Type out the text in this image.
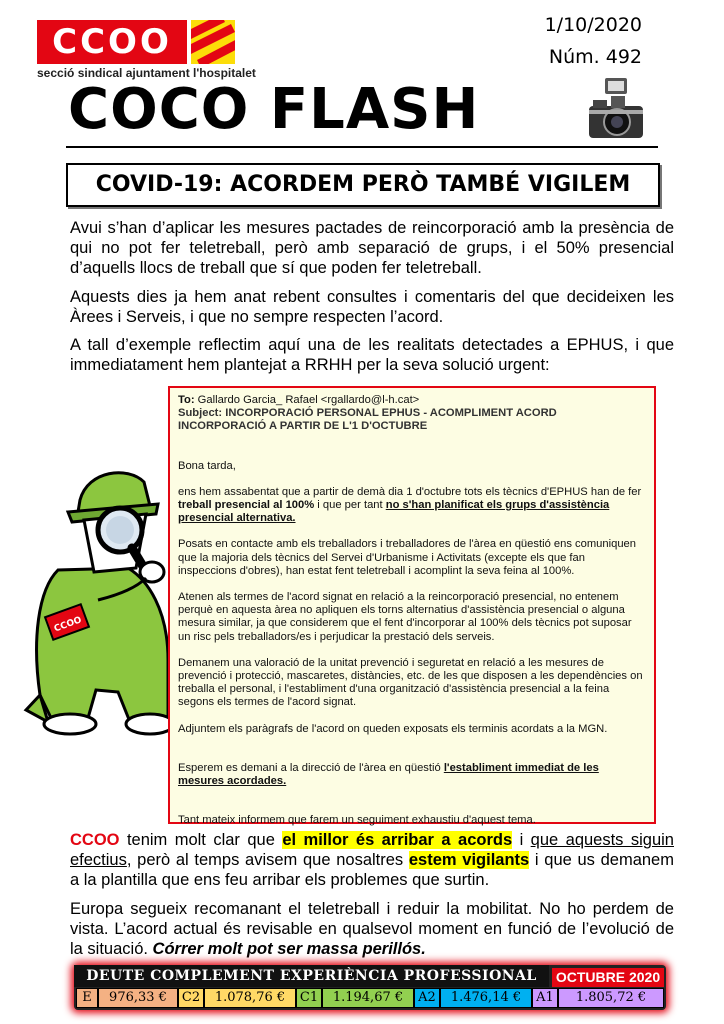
CCOO
secció sindical ajuntament l'hospitalet
1/10/2020
Núm. 492
COCO FLASH
COVID-19: ACORDEM PERÒ TAMBÉ VIGILEM
Avui s’han d’aplicar les mesures pactades de reincorporació amb la presència de qui no pot fer teletreball, però amb separació de grups, i el 50% presencial d’aquells llocs de treball que sí que poden fer teletreball.
Aquests dies ja hem anat rebent consultes i comentaris del que decideixen les Àrees i Serveis, i que no sempre respecten l’acord.
A tall d’exemple reflectim aquí una de les realitats detectades a EPHUS, i que immediatament hem plantejat a RRHH per la seva solució urgent:
CCOO

To: Gallardo Garcia_ Rafael <rgallardo@l-h.cat>

Subject: INCORPORACIÓ PERSONAL EPHUS - ACOMPLIMENT ACORD INCORPORACIÓ A PARTIR DE L'1 D'OCTUBRE

Bona tarda,

ens hem assabentat que a partir de demà dia 1 d'octubre tots els tècnics d'EPHUS han de fer treball presencial al 100% i que per tant no s'han planificat els grups d'assistència presencial alternativa.

Posats en contacte amb els treballadors i treballadores de l'àrea en qüestió ens comuniquen que la majoria dels tècnics del Servei d'Urbanisme i Activitats (excepte els que fan inspeccions d'obres), han estat fent teletreball i acomplint la seva feina al 100%.

Atenen als termes de l'acord signat en relació a la reincorporació presencial, no entenem perquè en aquesta àrea no apliquen els torns alternatius d'assistència presencial o alguna mesura similar, ja que considerem que el fent d'incorporar al 100% dels tècnics pot suposar un risc pels treballadors/es i perjudicar la prestació dels serveis.

Demanem una valoració de la unitat prevenció i seguretat en relació a les mesures de prevenció i protecció, mascaretes, distàncies, etc. de les que disposen a les dependències on treballa el personal, i l'establiment d'una organització d'assistència presencial a la feina segons els termes de l'acord signat.

Adjuntem els paràgrafs de l'acord on queden exposats els terminis acordats a la MGN.

Esperem es demani a la direcció de l'àrea en qüestió l'establiment immediat de les mesures acordades.

Tant mateix informem que farem un seguiment exhaustiu d'aquest tema.

CCOO tenim molt clar que el millor és arribar a acords i que aquests siguin efectius, però al temps avisem que nosaltres estem vigilants i que us demanem a la plantilla que ens feu arribar els problemes que surtin.
Europa segueix recomanant el teletreball i reduir la mobilitat. No ho perdem de vista. L’acord actual és revisable en qualsevol moment en funció de l’evolució de la situació. Córrer molt pot ser massa perillós.
DEUTE COMPLEMENT EXPERIÈNCIA PROFESSIONAL	OCTUBRE 2020
E	976,33 €	C2	1.078,76 €	C1	1.194,67 €	A2	1.476,14 €	A1	1.805,72 €
